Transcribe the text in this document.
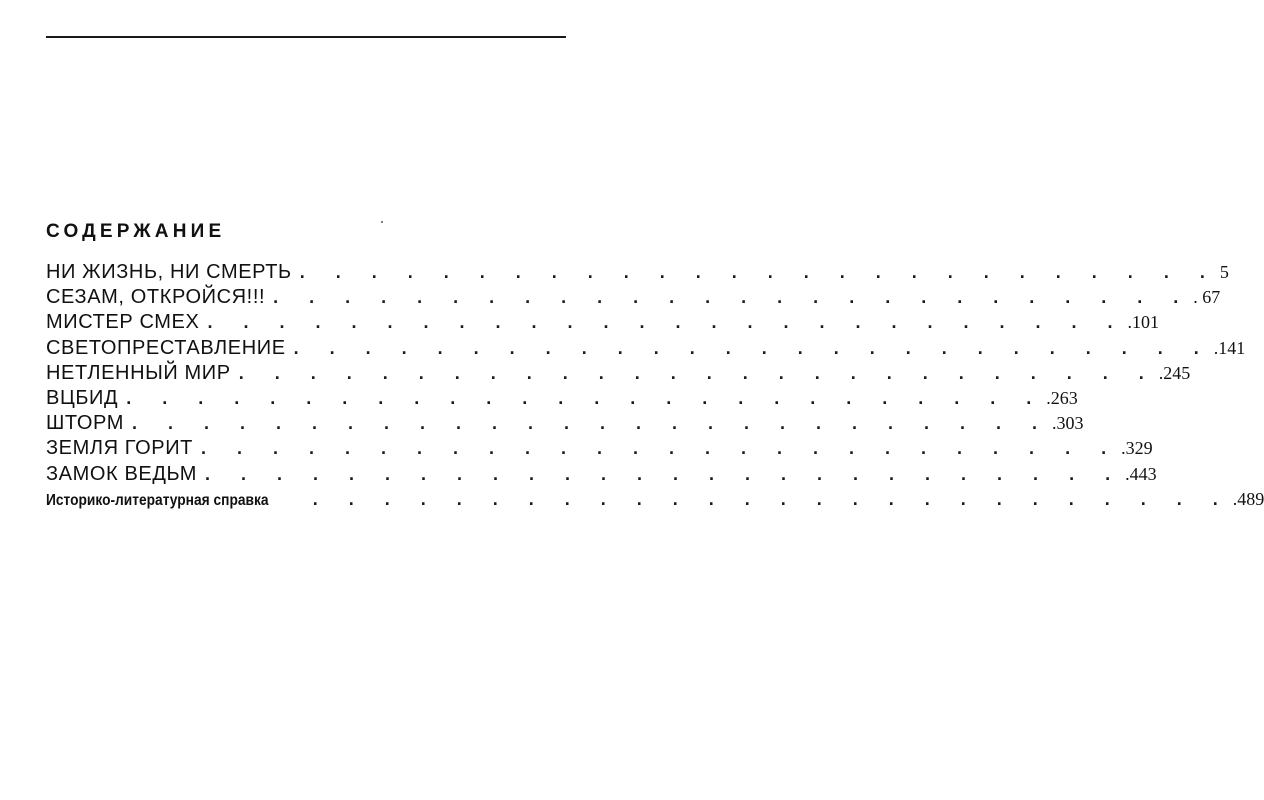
СОДЕРЖАНИЕ
НИ ЖИЗНЬ, НИ СМЕРТЬ . . . . . . . . . . . . . . . . . . . . . . . . . . 5
СЕЗАМ, ОТКРОЙСЯ!!! . . . . . . . . . . . . . . . . . . . . . . . . . . . 67
МИСТЕР СМЕХ . . . . . . . . . . . . . . . . . . . . . . . . . . .101
СВЕТОПРЕСТАВЛЕНИЕ . . . . . . . . . . . . . . . . . . . . . . . . . . .141
НЕТЛЕННЫЙ МИР . . . . . . . . . . . . . . . . . . . . . . . . . . .245
ВЦБИД . . . . . . . . . . . . . . . . . . . . . . . . . . .263
ШТОРМ . . . . . . . . . . . . . . . . . . . . . . . . . . .303
ЗЕМЛЯ ГОРИТ . . . . . . . . . . . . . . . . . . . . . . . . . . .329
ЗАМОК ВЕДЬМ . . . . . . . . . . . . . . . . . . . . . . . . . . .443
Историко-литературная справка	. . . . . . . . . . . . . . . . . . . . . . . . . . .489
